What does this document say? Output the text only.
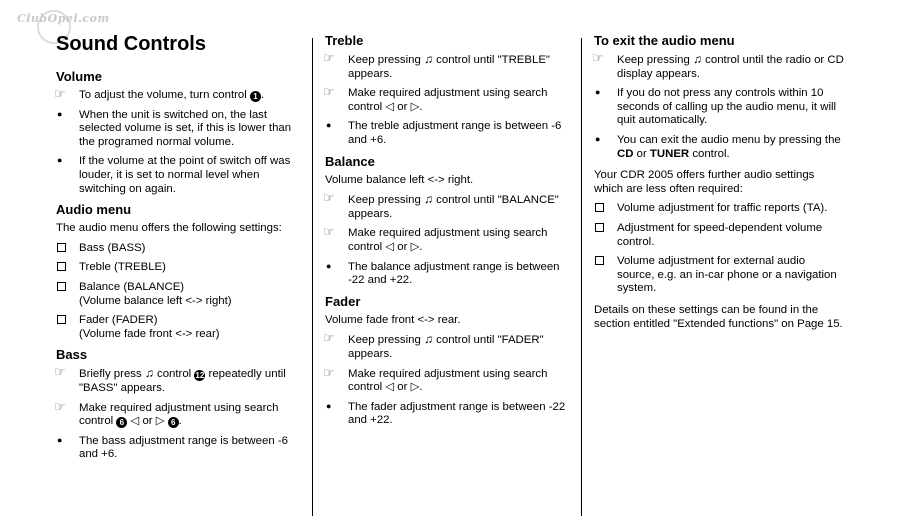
ClubOpel.com
Sound Controls
Volume
☞	To adjust the volume, turn control 1 .
●
When the unit is switched on, the last selected volume is set, if this is lower than the programed normal volume.
●
If the volume at the point of switch off was louder, it is set to normal level when switching on again.
Audio menu

The audio menu offers the following settings:

Bass (BASS)
Treble (TREBLE)
Balance (BALANCE)
(Volume balance left <-> right)
Fader (FADER)
(Volume fade front <-> rear)
Bass
☞	Briefly press ♫ control 12 repeatedly until "BASS" appears.
☞	Make required adjustment using search control 6 ◁ or ▷ 6 .
●
The bass adjustment range is between -6 and +6.
Treble
☞	Keep pressing ♫ control until "TREBLE" appears.
☞	Make required adjustment using search control ◁ or ▷.
●
The treble adjustment range is between -6 and +6.
Balance

Volume balance left <-> right.

☞	Keep pressing ♫ control until "BALANCE" appears.
☞	Make required adjustment using search control ◁ or ▷.
●
The balance adjustment range is between -22 and +22.
Fader

Volume fade front <-> rear.

☞	Keep pressing ♫ control until "FADER" appears.
☞	Make required adjustment using search control ◁ or ▷.
●
The fader adjustment range is between -22 and +22.
To exit the audio menu
☞	Keep pressing ♫ control until the radio or CD display appears.
●
If you do not press any controls within 10 seconds of calling up the audio menu, it will quit automatically.
●
You can exit the audio menu by pressing the CD or TUNER control.

Your CDR 2005 offers further audio settings which are less often required:

Volume adjustment for traffic reports (TA).
Adjustment for speed-dependent volume control.
Volume adjustment for external audio source, e.g. an in-car phone or a navigation system.

Details on these settings can be found in the section entitled "Extended functions" on Page 15.
